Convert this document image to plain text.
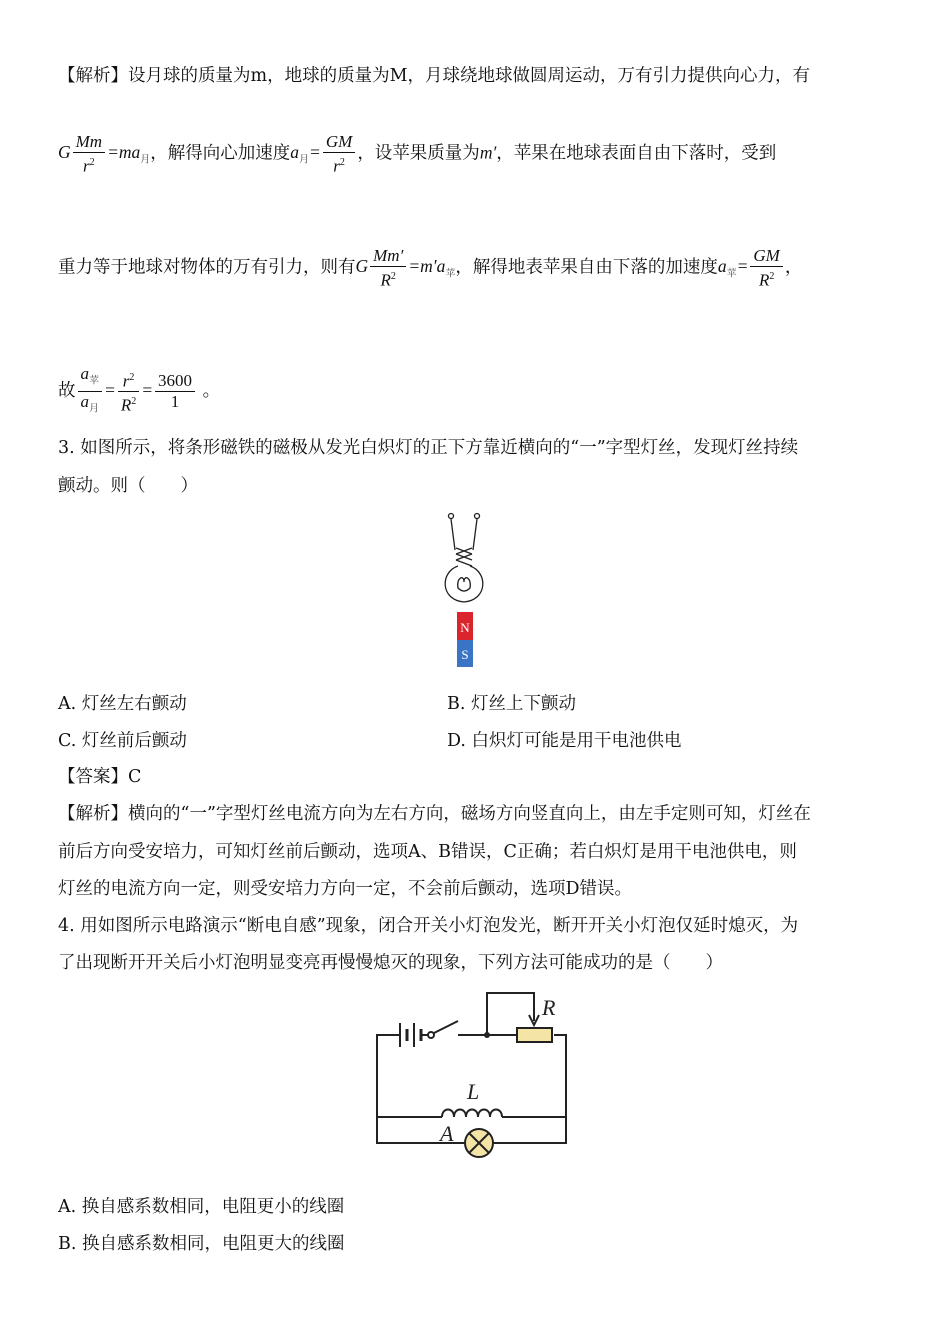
【解析】设月球的质量为m，地球的质量为M，月球绕地球做圆周运动，万有引力提供向心力，有
G $\frac{Mm}{r^2} =ma_月$，解得向心加速度$a_月= \frac{GM}{r^2}$ ，设苹果质量为m′，苹果在地球表面自由下落时，受到
重力等于地球对物体的万有引力，则有G $\frac{Mm'}{R^2} =m'a_苹$，解得地表苹果自由下落的加速度$a_苹= \frac{GM}{R^2}$ ，
故 $\frac{a_苹}{a_月} = \frac{r^2}{R^2} = \frac{3600}{1}$ 。
3. 如图所示，将条形磁铁的磁极从发光白炽灯的正下方靠近横向的“一”字型灯丝，发现灯丝持续
颤动。则（　　）
N
S
A. 灯丝左右颤动	B. 灯丝上下颤动
C. 灯丝前后颤动	D. 白炽灯可能是用干电池供电
【答案】C
【解析】横向的“一”字型灯丝电流方向为左右方向，磁场方向竖直向上，由左手定则可知，灯丝在
前后方向受安培力，可知灯丝前后颤动，选项A、B错误，C正确；若白炽灯是用干电池供电，则
灯丝的电流方向一定，则受安培力方向一定，不会前后颤动，选项D错误。
4. 用如图所示电路演示“断电自感”现象，闭合开关小灯泡发光，断开开关小灯泡仅延时熄灭，为
了出现断开开关后小灯泡明显变亮再慢慢熄灭的现象，下列方法可能成功的是（　　）
R
L
A
A. 换自感系数相同，电阻更小的线圈
B. 换自感系数相同，电阻更大的线圈
